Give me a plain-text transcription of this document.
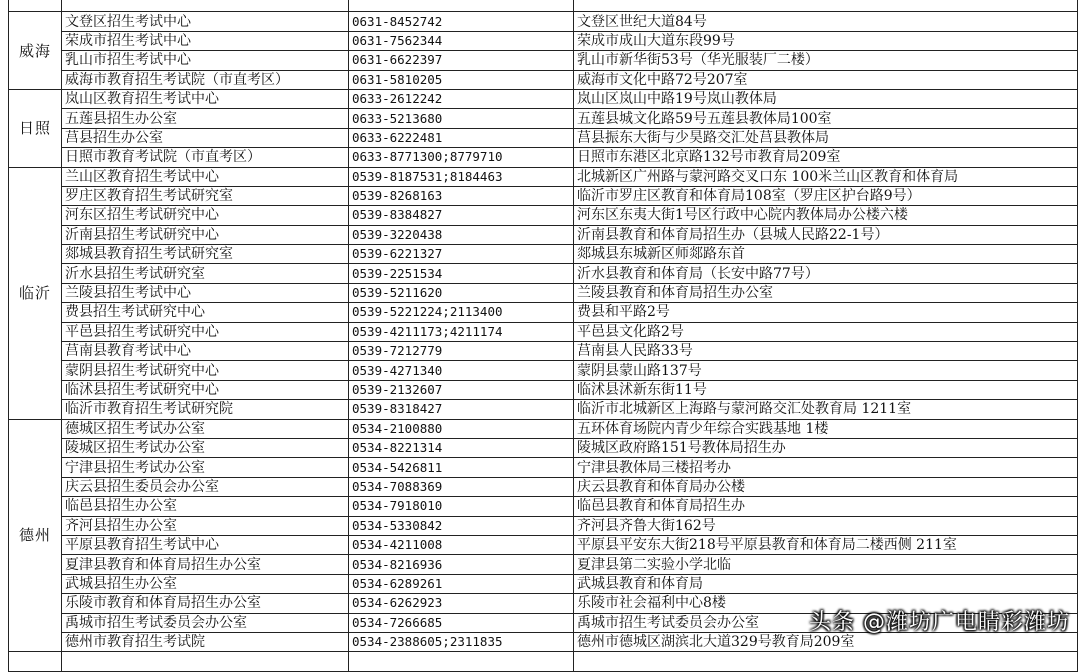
威海	文登区招生考试中心	0631-8452742	文登区世纪大道84号
	荣成市招生考试中心	0631-7562344	荣成市成山大道东段99号
	乳山市招生考试中心	0631-6622397	乳山市新华街53号（华光服装厂二楼）
	威海市教育招生考试院（市直考区）	0631-5810205	威海市文化中路72号207室
日照	岚山区教育招生考试中心	0633-2612242	岚山区岚山中路19号岚山教体局
	五莲县招生办公室	0633-5213680	五莲县城文化路59号五莲县教体局100室
	莒县招生办公室	0633-6222481	莒县振东大街与少昊路交汇处莒县教体局
	日照市教育考试院（市直考区）	0633-8771300;8779710	日照市东港区北京路132号市教育局209室
临沂	兰山区教育招生考试中心	0539-8187531;8184463	北城新区广州路与蒙河路交叉口东 100米兰山区教育和体育局
	罗庄区教育招生考试研究室	0539-8268163	临沂市罗庄区教育和体育局108室（罗庄区护台路9号）
	河东区招生考试研究中心	0539-8384827	河东区东夷大街1号区行政中心院内教体局办公楼六楼
	沂南县招生考试研究中心	0539-3220438	沂南县教育和体育局招生办（县城人民路22-1号）
	郯城县教育招生考试研究室	0539-6221327	郯城县东城新区师郯路东首
	沂水县招生考试研究室	0539-2251534	沂水县教育和体育局（长安中路77号）
	兰陵县招生考试中心	0539-5211620	兰陵县教育和体育局招生办公室
	费县招生考试研究中心	0539-5221224;2113400	费县和平路2号
	平邑县招生考试研究中心	0539-4211173;4211174	平邑县文化路2号
	莒南县教育考试中心	0539-7212779	莒南县人民路33号
	蒙阴县招生考试研究中心	0539-4271340	蒙阴县蒙山路137号
	临沭县招生考试研究中心	0539-2132607	临沭县沭新东街11号
	临沂市教育招生考试研究院	0539-8318427	临沂市北城新区上海路与蒙河路交汇处教育局 1211室
德州	德城区招生考试办公室	0534-2100880	五环体育场院内青少年综合实践基地 1楼
	陵城区招生考试办公室	0534-8221314	陵城区政府路151号教体局招生办
	宁津县招生考试办公室	0534-5426811	宁津县教体局三楼招考办
	庆云县招生委员会办公室	0534-7088369	庆云县教育和体育局办公楼
	临邑县招生办公室	0534-7918010	临邑县教育和体育局招生办
	齐河县招生办公室	0534-5330842	齐河县齐鲁大街162号
	平原县教育招生考试中心	0534-4211008	平原县平安东大街218号平原县教育和体育局二楼西侧 211室
	夏津县教育和体育局招生办公室	0534-8216936	夏津县第二实验小学北临
	武城县招生办公室	0534-6289261	武城县教育和体育局
	乐陵市教育和体育局招生办公室	0534-6262923	乐陵市社会福利中心8楼
	禹城市招生考试委员会办公室	0534-7266685	禹城市招生考试委员会办公室
	德州市教育招生考试院	0534-2388605;2311835	德州市德城区湖滨北大道329号教育局209室

头条 @潍坊广电睛彩潍坊
